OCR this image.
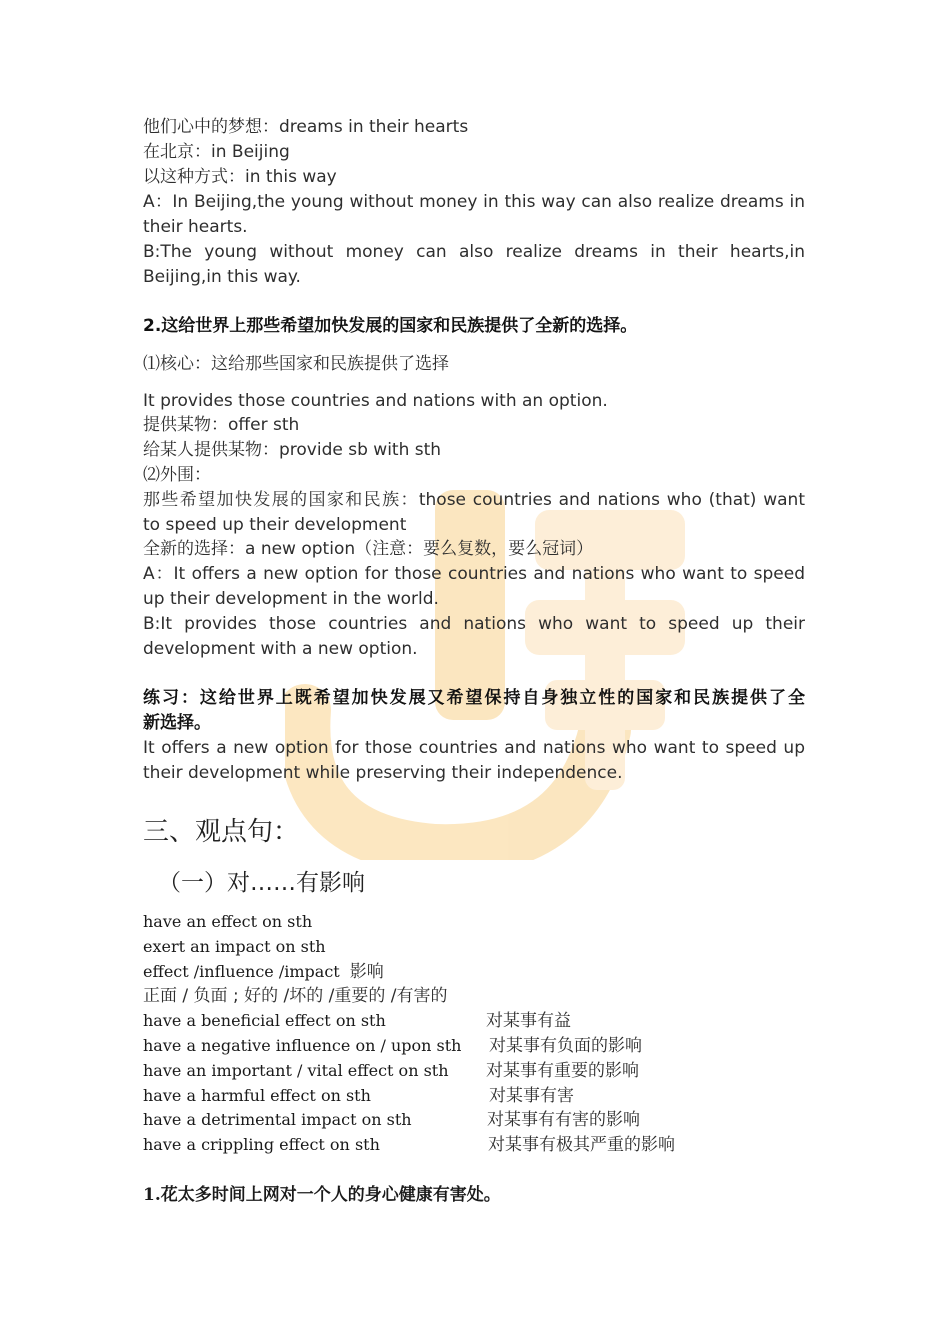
他们心中的梦想：dreams in their hearts

在北京：in Beijing

以这种方式：in this way

A：In Beijing,the young without money in this way can also realize dreams in

their hearts.

B:The young without money can also realize dreams in their hearts,in

Beijing,in this way.

2.这给世界上那些希望加快发展的国家和民族提供了全新的选择。

⑴核心：这给那些国家和民族提供了选择

It provides those countries and nations with an option.

提供某物：offer sth

给某人提供某物：provide sb with sth

⑵外围：

那些希望加快发展的国家和民族：those countries and nations who (that) want

to speed up their development

全新的选择：a new option（注意：要么复数，要么冠词）

A：It offers a new option for those countries and nations who want to speed

up their development in the world.

B:It provides those countries and nations who want to speed up their

development with a new option.

练习：这给世界上既希望加快发展又希望保持自身独立性的国家和民族提供了全

新选择。

It offers a new option for those countries and nations who want to speed up

their development while preserving their independence.

三、观点句：

（一）对……有影响

have an effect on sth

exert an impact on sth

effect /influence /impact 影响

正面 / 负面 ; 好的 /坏的 /重要的 /有害的

have a beneficial effect on sth	对某事有益

have a negative influence on / upon sth 对某事有负面的影响

have an important / vital effect on sth 对某事有重要的影响

have a harmful effect on sth	对某事有害

have a detrimental impact on sth	对某事有有害的影响

have a crippling effect on sth	对某事有极其严重的影响

1.花太多时间上网对一个人的身心健康有害处。
